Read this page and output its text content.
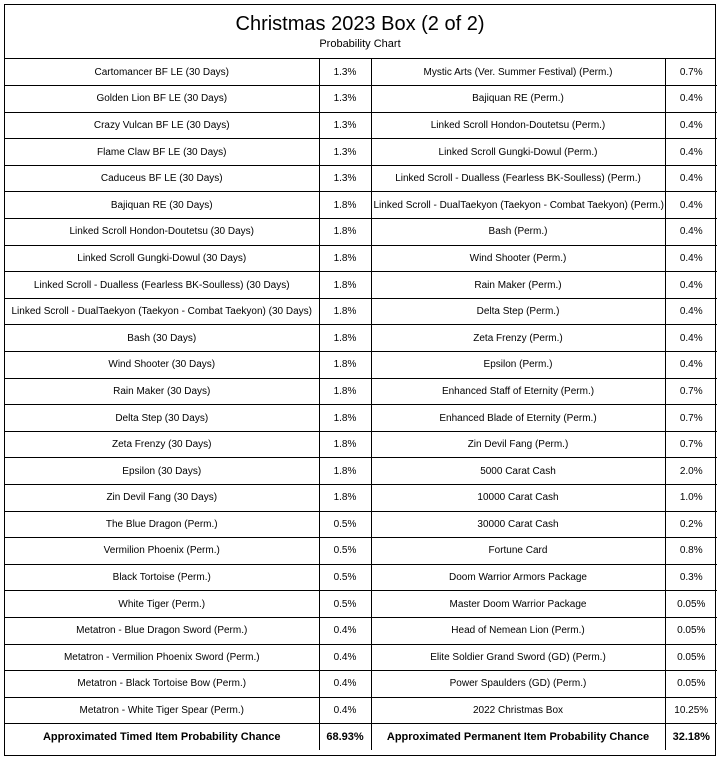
Christmas 2023 Box (2 of 2)
Probability Chart
Cartomancer BF LE (30 Days)	1.3%	Mystic Arts (Ver. Summer Festival) (Perm.)	0.7%
Golden Lion BF LE (30 Days)	1.3%	Bajiquan RE (Perm.)	0.4%
Crazy Vulcan BF LE (30 Days)	1.3%	Linked Scroll Hondon-Doutetsu (Perm.)	0.4%
Flame Claw BF LE (30 Days)	1.3%	Linked Scroll Gungki-Dowul (Perm.)	0.4%
Caduceus BF LE (30 Days)	1.3%	Linked Scroll - Dualless (Fearless BK-Soulless) (Perm.)	0.4%
Bajiquan RE (30 Days)	1.8%	Linked Scroll - DualTaekyon (Taekyon - Combat Taekyon) (Perm.)	0.4%
Linked Scroll Hondon-Doutetsu (30 Days)	1.8%	Bash (Perm.)	0.4%
Linked Scroll Gungki-Dowul (30 Days)	1.8%	Wind Shooter (Perm.)	0.4%
Linked Scroll - Dualless (Fearless BK-Soulless) (30 Days)	1.8%	Rain Maker (Perm.)	0.4%
Linked Scroll - DualTaekyon (Taekyon - Combat Taekyon) (30 Days)	1.8%	Delta Step (Perm.)	0.4%
Bash (30 Days)	1.8%	Zeta Frenzy (Perm.)	0.4%
Wind Shooter (30 Days)	1.8%	Epsilon (Perm.)	0.4%
Rain Maker (30 Days)	1.8%	Enhanced Staff of Eternity (Perm.)	0.7%
Delta Step (30 Days)	1.8%	Enhanced Blade of Eternity (Perm.)	0.7%
Zeta Frenzy (30 Days)	1.8%	Zin Devil Fang (Perm.)	0.7%
Epsilon (30 Days)	1.8%	5000 Carat Cash	2.0%
Zin Devil Fang (30 Days)	1.8%	10000 Carat Cash	1.0%
The Blue Dragon (Perm.)	0.5%	30000 Carat Cash	0.2%
Vermilion Phoenix (Perm.)	0.5%	Fortune Card	0.8%
Black Tortoise (Perm.)	0.5%	Doom Warrior Armors Package	0.3%
White Tiger (Perm.)	0.5%	Master Doom Warrior Package	0.05%
Metatron - Blue Dragon Sword (Perm.)	0.4%	Head of Nemean Lion (Perm.)	0.05%
Metatron - Vermilion Phoenix Sword (Perm.)	0.4%	Elite Soldier Grand Sword (GD) (Perm.)	0.05%
Metatron - Black Tortoise Bow (Perm.)	0.4%	Power Spaulders (GD) (Perm.)	0.05%
Metatron - White Tiger Spear (Perm.)	0.4%	2022 Christmas Box	10.25%
Approximated Timed Item Probability Chance	68.93%	Approximated Permanent Item Probability Chance	32.18%
